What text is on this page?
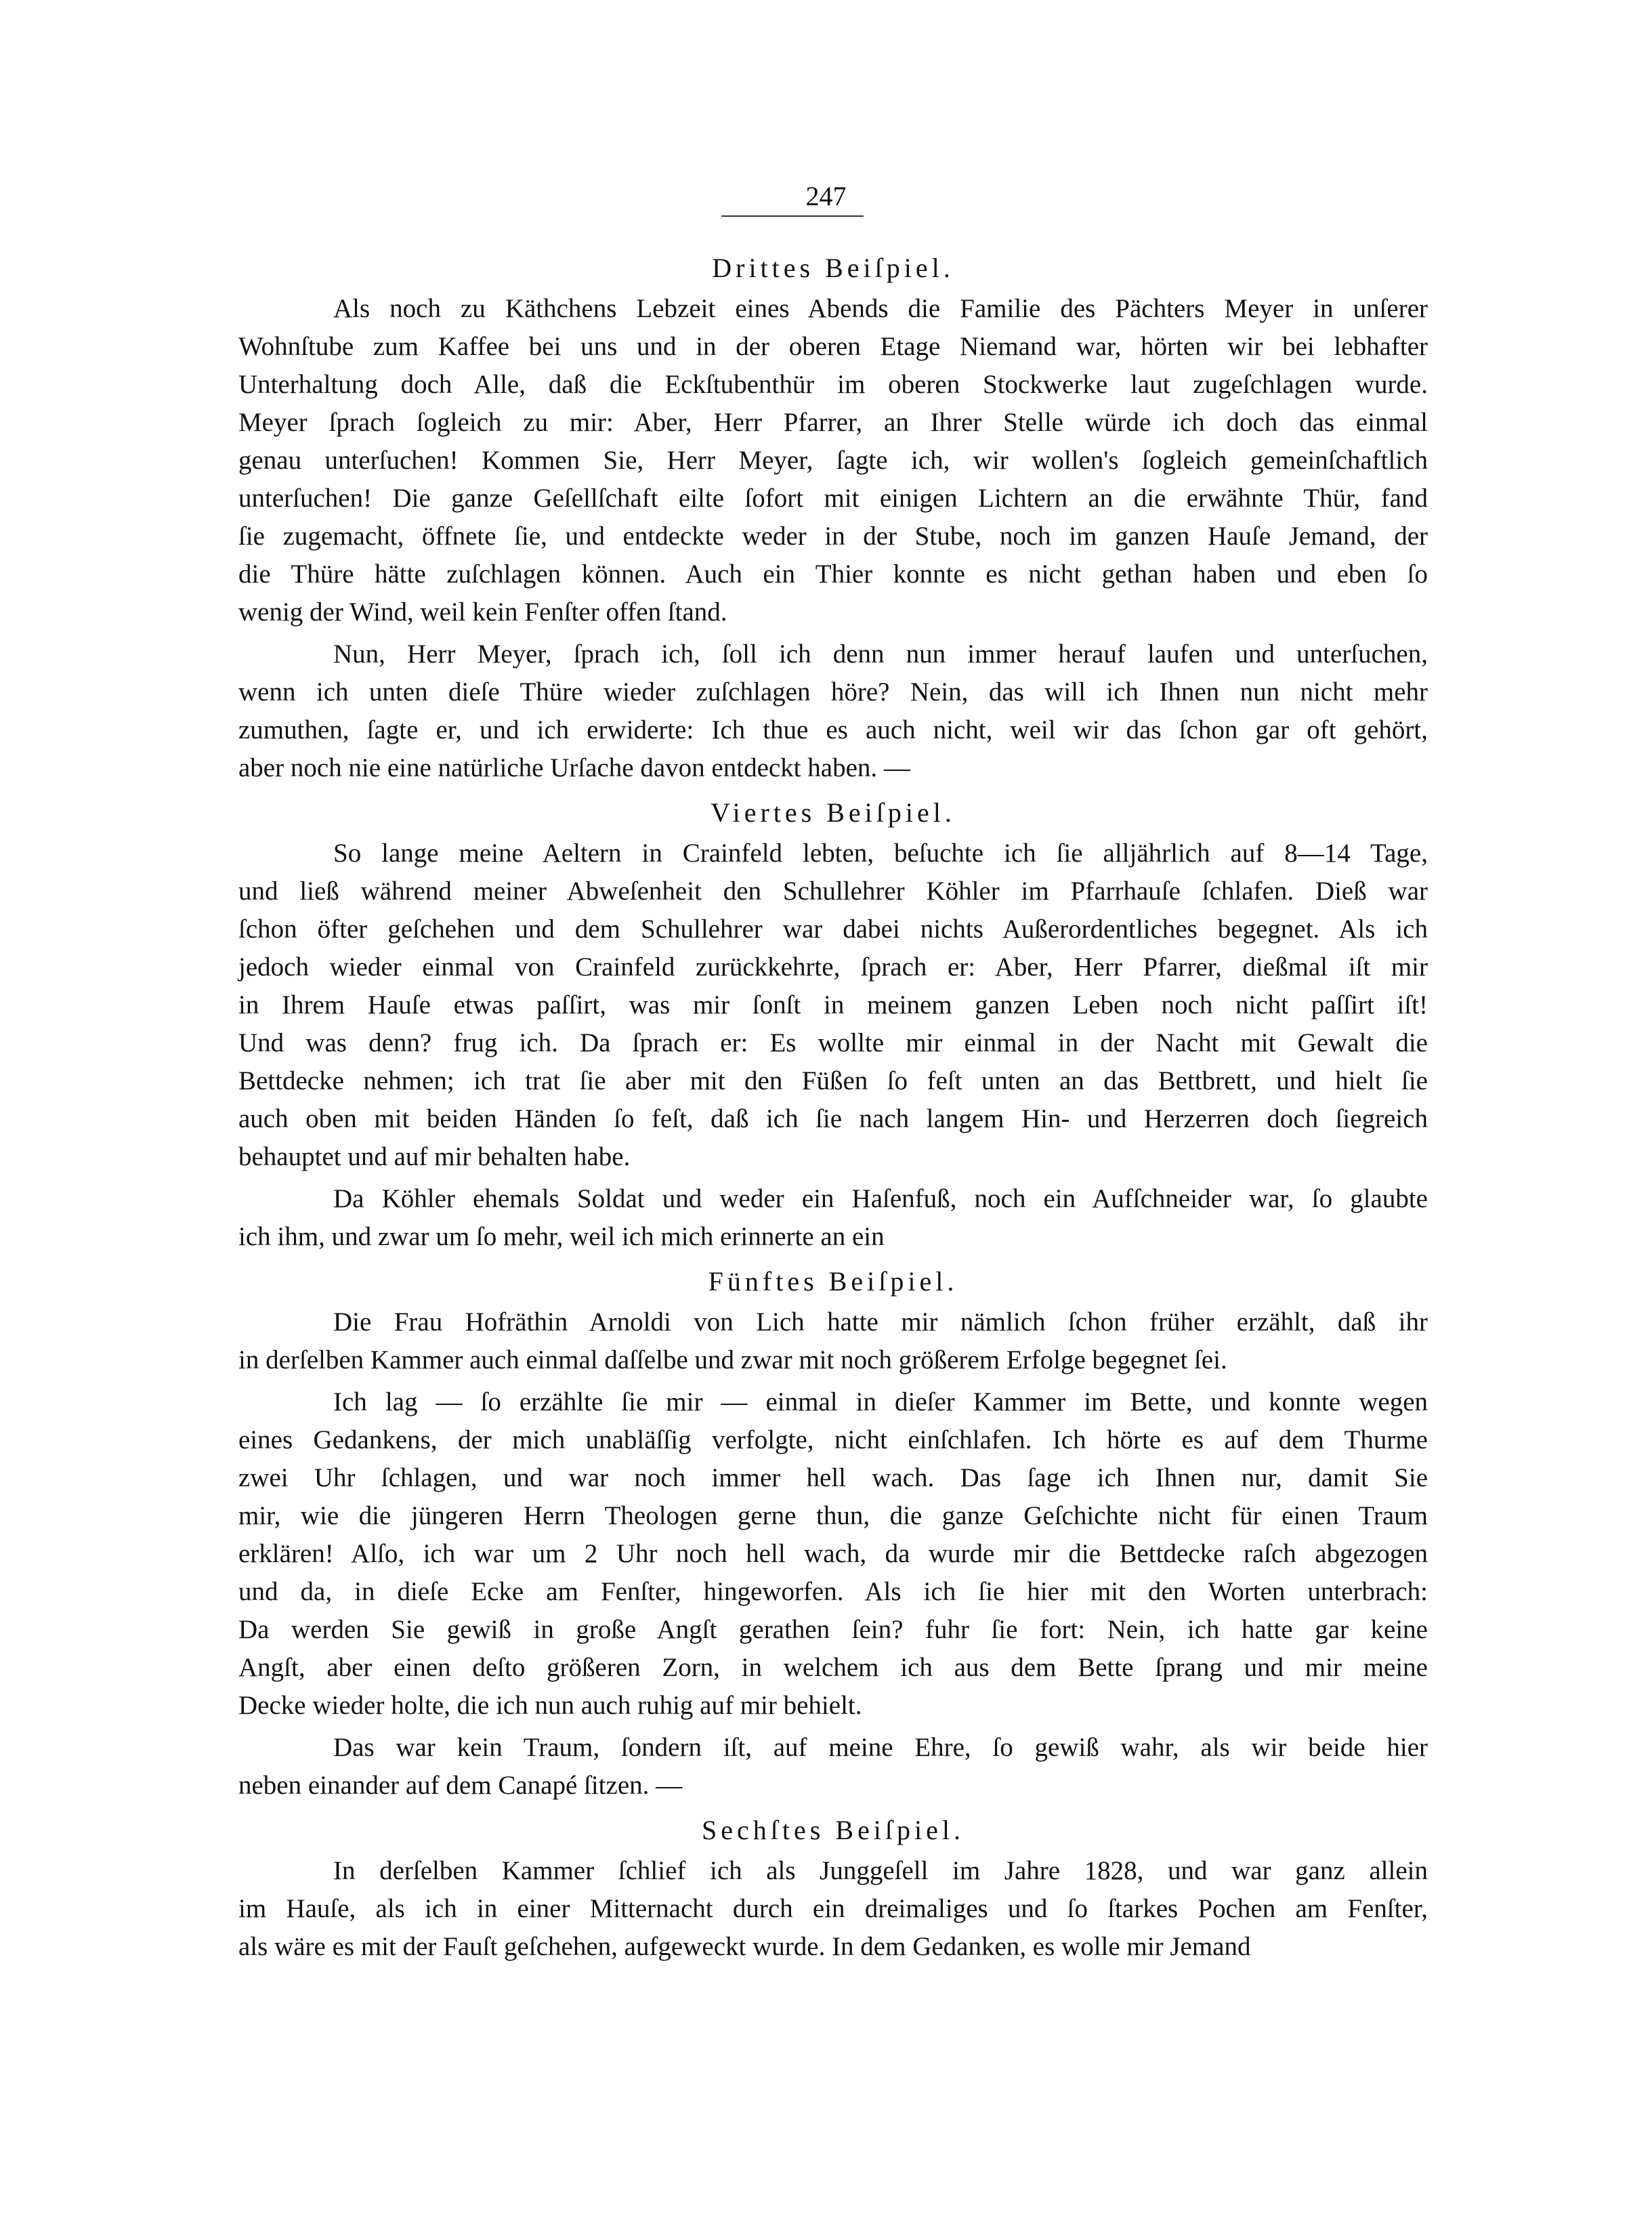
247
Drittes Beiſpiel.
Als noch zu Käthchens Lebzeit eines Abends die Familie des Pächters Meyer in unſerer
Wohnſtube zum Kaffee bei uns und in der oberen Etage Niemand war, hörten wir bei lebhafter
Unterhaltung doch Alle, daß die Eckſtubenthür im oberen Stockwerke laut zugeſchlagen wurde.
Meyer ſprach ſogleich zu mir: Aber, Herr Pfarrer, an Ihrer Stelle würde ich doch das einmal
genau unterſuchen! Kommen Sie, Herr Meyer, ſagte ich, wir wollen's ſogleich gemeinſchaftlich
unterſuchen! Die ganze Geſellſchaft eilte ſofort mit einigen Lichtern an die erwähnte Thür, fand
ſie zugemacht, öffnete ſie, und entdeckte weder in der Stube, noch im ganzen Hauſe Jemand, der
die Thüre hätte zuſchlagen können. Auch ein Thier konnte es nicht gethan haben und eben ſo
wenig der Wind, weil kein Fenſter offen ſtand.
Nun, Herr Meyer, ſprach ich, ſoll ich denn nun immer herauf laufen und unterſuchen,
wenn ich unten dieſe Thüre wieder zuſchlagen höre? Nein, das will ich Ihnen nun nicht mehr
zumuthen, ſagte er, und ich erwiderte: Ich thue es auch nicht, weil wir das ſchon gar oft gehört,
aber noch nie eine natürliche Urſache davon entdeckt haben. —
Viertes Beiſpiel.
So lange meine Aeltern in Crainfeld lebten, beſuchte ich ſie alljährlich auf 8—14 Tage,
und ließ während meiner Abweſenheit den Schullehrer Köhler im Pfarrhauſe ſchlafen. Dieß war
ſchon öfter geſchehen und dem Schullehrer war dabei nichts Außerordentliches begegnet. Als ich
jedoch wieder einmal von Crainfeld zurückkehrte, ſprach er: Aber, Herr Pfarrer, dießmal iſt mir
in Ihrem Hauſe etwas paſſirt, was mir ſonſt in meinem ganzen Leben noch nicht paſſirt iſt!
Und was denn? frug ich. Da ſprach er: Es wollte mir einmal in der Nacht mit Gewalt die
Bettdecke nehmen; ich trat ſie aber mit den Füßen ſo feſt unten an das Bettbrett, und hielt ſie
auch oben mit beiden Händen ſo feſt, daß ich ſie nach langem Hin- und Herzerren doch ſiegreich
behauptet und auf mir behalten habe.
Da Köhler ehemals Soldat und weder ein Haſenfuß, noch ein Aufſchneider war, ſo glaubte
ich ihm, und zwar um ſo mehr, weil ich mich erinnerte an ein
Fünftes Beiſpiel.
Die Frau Hofräthin Arnoldi von Lich hatte mir nämlich ſchon früher erzählt, daß ihr
in derſelben Kammer auch einmal daſſelbe und zwar mit noch größerem Erfolge begegnet ſei.
Ich lag — ſo erzählte ſie mir — einmal in dieſer Kammer im Bette, und konnte wegen
eines Gedankens, der mich unabläſſig verfolgte, nicht einſchlafen. Ich hörte es auf dem Thurme
zwei Uhr ſchlagen, und war noch immer hell wach. Das ſage ich Ihnen nur, damit Sie
mir, wie die jüngeren Herrn Theologen gerne thun, die ganze Geſchichte nicht für einen Traum
erklären! Alſo, ich war um 2 Uhr noch hell wach, da wurde mir die Bettdecke raſch abgezogen
und da, in dieſe Ecke am Fenſter, hingeworfen. Als ich ſie hier mit den Worten unterbrach:
Da werden Sie gewiß in große Angſt gerathen ſein? fuhr ſie fort: Nein, ich hatte gar keine
Angſt, aber einen deſto größeren Zorn, in welchem ich aus dem Bette ſprang und mir meine
Decke wieder holte, die ich nun auch ruhig auf mir behielt.
Das war kein Traum, ſondern iſt, auf meine Ehre, ſo gewiß wahr, als wir beide hier
neben einander auf dem Canapé ſitzen. —
Sechſtes Beiſpiel.
In derſelben Kammer ſchlief ich als Junggeſell im Jahre 1828, und war ganz allein
im Hauſe, als ich in einer Mitternacht durch ein dreimaliges und ſo ſtarkes Pochen am Fenſter,
als wäre es mit der Fauſt geſchehen, aufgeweckt wurde. In dem Gedanken, es wolle mir Jemand
